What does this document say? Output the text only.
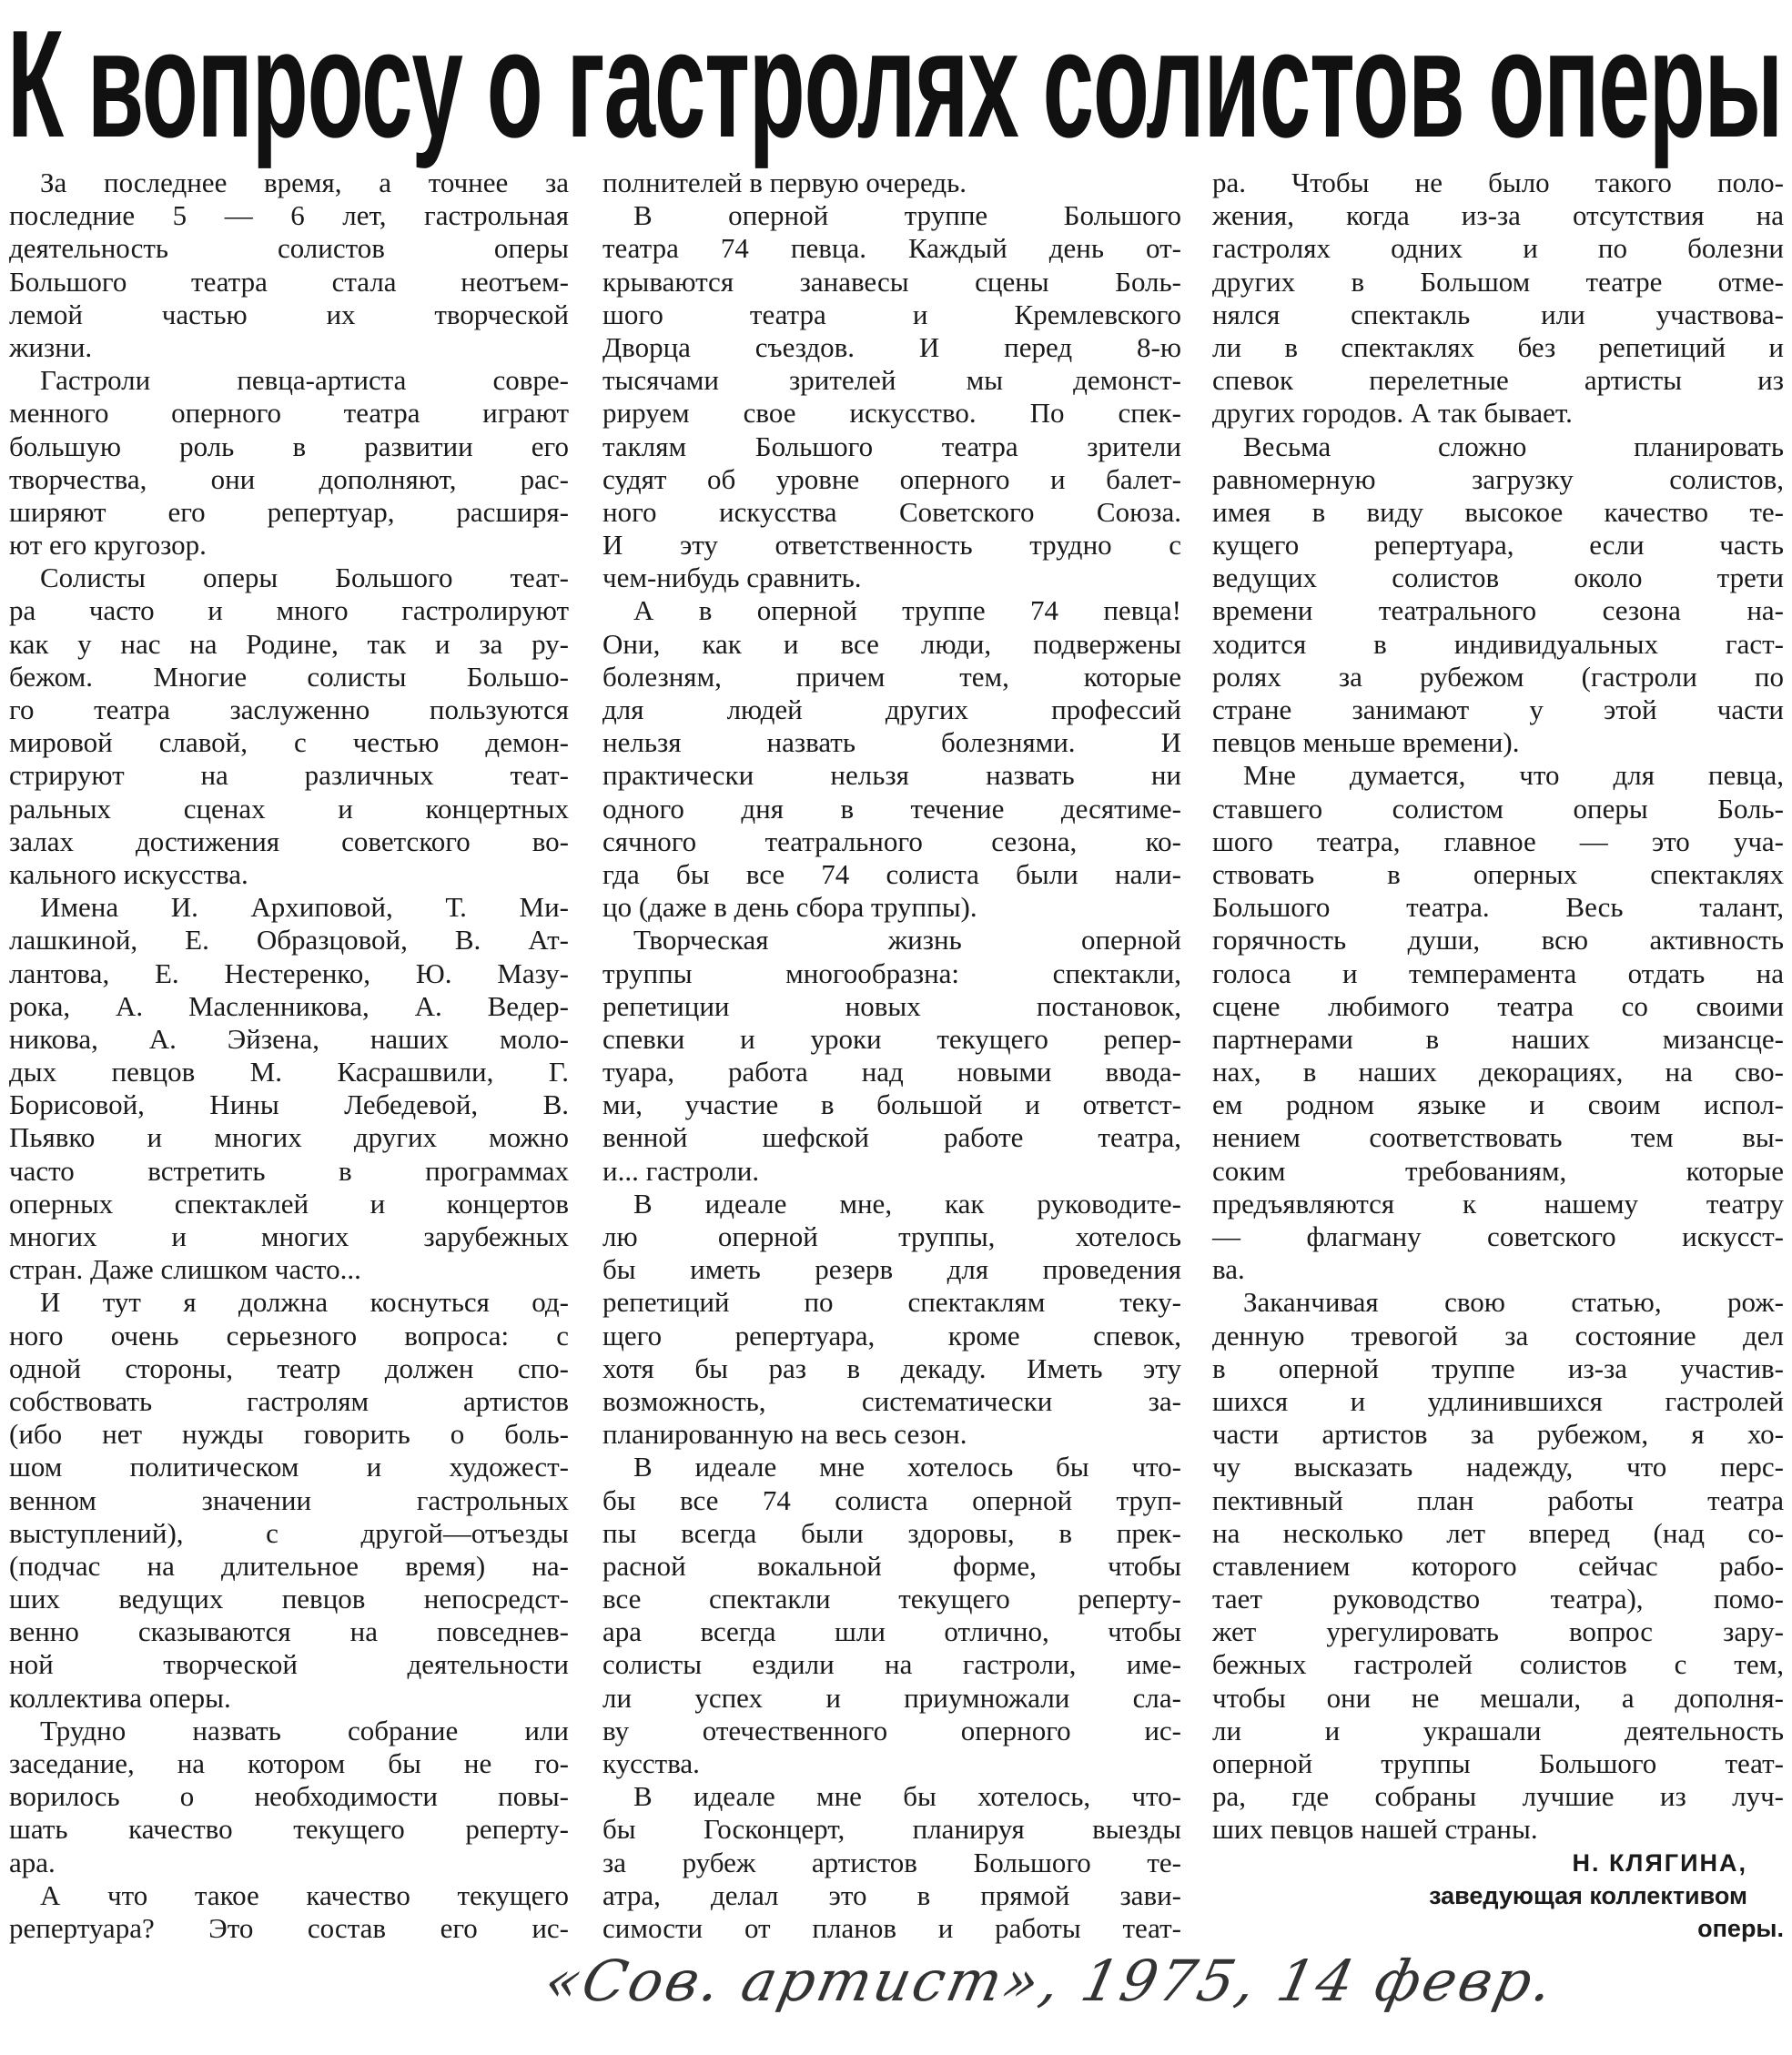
К вопросу о гастролях солистов оперы
За последнее время, а точнее за
последние 5 — 6 лет, гастрольная
деятельность солистов оперы
Большого театра стала неотъем-
лемой частью их творческой
жизни.
Гастроли певца-артиста совре-
менного оперного театра играют
большую роль в развитии его
творчества, они дополняют, рас-
ширяют его репертуар, расширя-
ют его кругозор.
Солисты оперы Большого теат-
ра часто и много гастролируют
как у нас на Родине, так и за ру-
бежом. Многие солисты Большо-
го театра заслуженно пользуются
мировой славой, с честью демон-
стрируют на различных теат-
ральных сценах и концертных
залах достижения советского во-
кального искусства.
Имена И. Архиповой, Т. Ми-
лашкиной, Е. Образцовой, В. Ат-
лантова, Е. Нестеренко, Ю. Мазу-
рока, А. Масленникова, А. Ведер-
никова, А. Эйзена, наших моло-
дых певцов М. Касрашвили, Г.
Борисовой, Нины Лебедевой, В.
Пьявко и многих других можно
часто встретить в программах
оперных спектаклей и концертов
многих и многих зарубежных
стран. Даже слишком часто...
И тут я должна коснуться од-
ного очень серьезного вопроса: с
одной стороны, театр должен спо-
собствовать гастролям артистов
(ибо нет нужды говорить о боль-
шом политическом и художест-
венном значении гастрольных
выступлений), с другой—отъезды
(подчас на длительное время) на-
ших ведущих певцов непосредст-
венно сказываются на повседнев-
ной творческой деятельности
коллектива оперы.
Трудно назвать собрание или
заседание, на котором бы не го-
ворилось о необходимости повы-
шать качество текущего реперту-
ара.
А что такое качество текущего
репертуара? Это состав его ис-
полнителей в первую очередь.
В оперной труппе Большого
театра 74 певца. Каждый день от-
крываются занавесы сцены Боль-
шого театра и Кремлевского
Дворца съездов. И перед 8-ю
тысячами зрителей мы демонст-
рируем свое искусство. По спек-
таклям Большого театра зрители
судят об уровне оперного и балет-
ного искусства Советского Союза.
И эту ответственность трудно с
чем-нибудь сравнить.
А в оперной труппе 74 певца!
Они, как и все люди, подвержены
болезням, причем тем, которые
для людей других профессий
нельзя назвать болезнями. И
практически нельзя назвать ни
одного дня в течение десятиме-
сячного театрального сезона, ко-
гда бы все 74 солиста были нали-
цо (даже в день сбора труппы).
Творческая жизнь оперной
труппы многообразна: спектакли,
репетиции новых постановок,
спевки и уроки текущего репер-
туара, работа над новыми ввода-
ми, участие в большой и ответст-
венной шефской работе театра,
и... гастроли.
В идеале мне, как руководите-
лю оперной труппы, хотелось
бы иметь резерв для проведения
репетиций по спектаклям теку-
щего репертуара, кроме спевок,
хотя бы раз в декаду. Иметь эту
возможность, систематически за-
планированную на весь сезон.
В идеале мне хотелось бы что-
бы все 74 солиста оперной труп-
пы всегда были здоровы, в прек-
расной вокальной форме, чтобы
все спектакли текущего реперту-
ара всегда шли отлично, чтобы
солисты ездили на гастроли, име-
ли успех и приумножали сла-
ву отечественного оперного ис-
кусства.
В идеале мне бы хотелось, что-
бы Госконцерт, планируя выезды
за рубеж артистов Большого те-
атра, делал это в прямой зави-
симости от планов и работы теат-
ра. Чтобы не было такого поло-
жения, когда из-за отсутствия на
гастролях одних и по болезни
других в Большом театре отме-
нялся спектакль или участвова-
ли в спектаклях без репетиций и
спевок перелетные артисты из
других городов. А так бывает.
Весьма сложно планировать
равномерную загрузку солистов,
имея в виду высокое качество те-
кущего репертуара, если часть
ведущих солистов около трети
времени театрального сезона на-
ходится в индивидуальных гаст-
ролях за рубежом (гастроли по
стране занимают у этой части
певцов меньше времени).
Мне думается, что для певца,
ставшего солистом оперы Боль-
шого театра, главное — это уча-
ствовать в оперных спектаклях
Большого театра. Весь талант,
горячность души, всю активность
голоса и темперамента отдать на
сцене любимого театра со своими
партнерами в наших мизансце-
нах, в наших декорациях, на сво-
ем родном языке и своим испол-
нением соответствовать тем вы-
соким требованиям, которые
предъявляются к нашему театру
— флагману советского искусст-
ва.
Заканчивая свою статью, рож-
денную тревогой за состояние дел
в оперной труппе из-за участив-
шихся и удлинившихся гастролей
части артистов за рубежом, я хо-
чу высказать надежду, что перс-
пективный план работы театра
на несколько лет вперед (над со-
ставлением которого сейчас рабо-
тает руководство театра), помо-
жет урегулировать вопрос зару-
бежных гастролей солистов с тем,
чтобы они не мешали, а дополня-
ли и украшали деятельность
оперной труппы Большого теат-
ра, где собраны лучшие из луч-
ших певцов нашей страны.
Н. КЛЯГИНА,
заведующая коллективом
оперы.
«Сов. артист», 1975, 14 февр.
